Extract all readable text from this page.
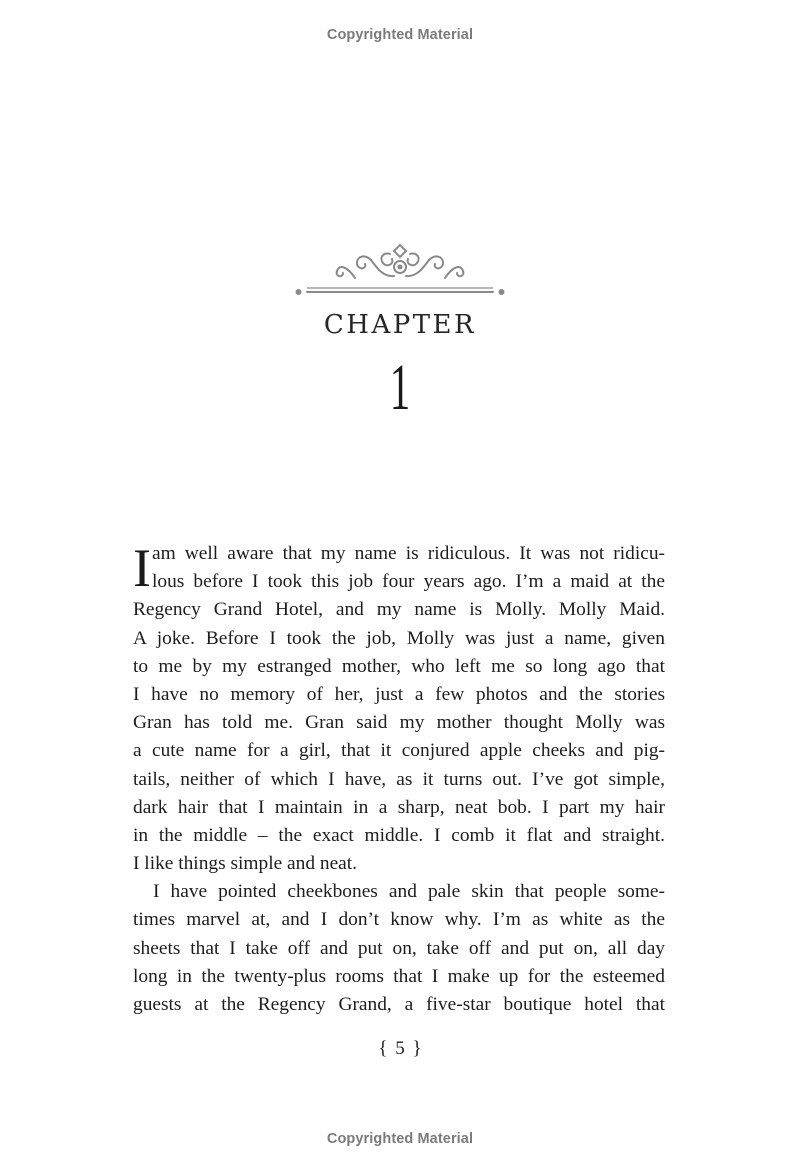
Copyrighted Material
CHAPTER
1
I am well aware that my name is ridiculous. It was not ridicu-
lous before I took this job four years ago. I’m a maid at the
Regency Grand Hotel, and my name is Molly. Molly Maid.
A joke. Before I took the job, Molly was just a name, given
to me by my estranged mother, who left me so long ago that
I have no memory of her, just a few photos and the stories
Gran has told me. Gran said my mother thought Molly was
a cute name for a girl, that it conjured apple cheeks and pig-
tails, neither of which I have, as it turns out. I’ve got simple,
dark hair that I maintain in a sharp, neat bob. I part my hair
in the middle – the exact middle. I comb it flat and straight.
I like things simple and neat.
I have pointed cheekbones and pale skin that people some-
times marvel at, and I don’t know why. I’m as white as the
sheets that I take off and put on, take off and put on, all day
long in the twenty-plus rooms that I make up for the esteemed
guests at the Regency Grand, a five-star boutique hotel that
{ 5 }
Copyrighted Material
